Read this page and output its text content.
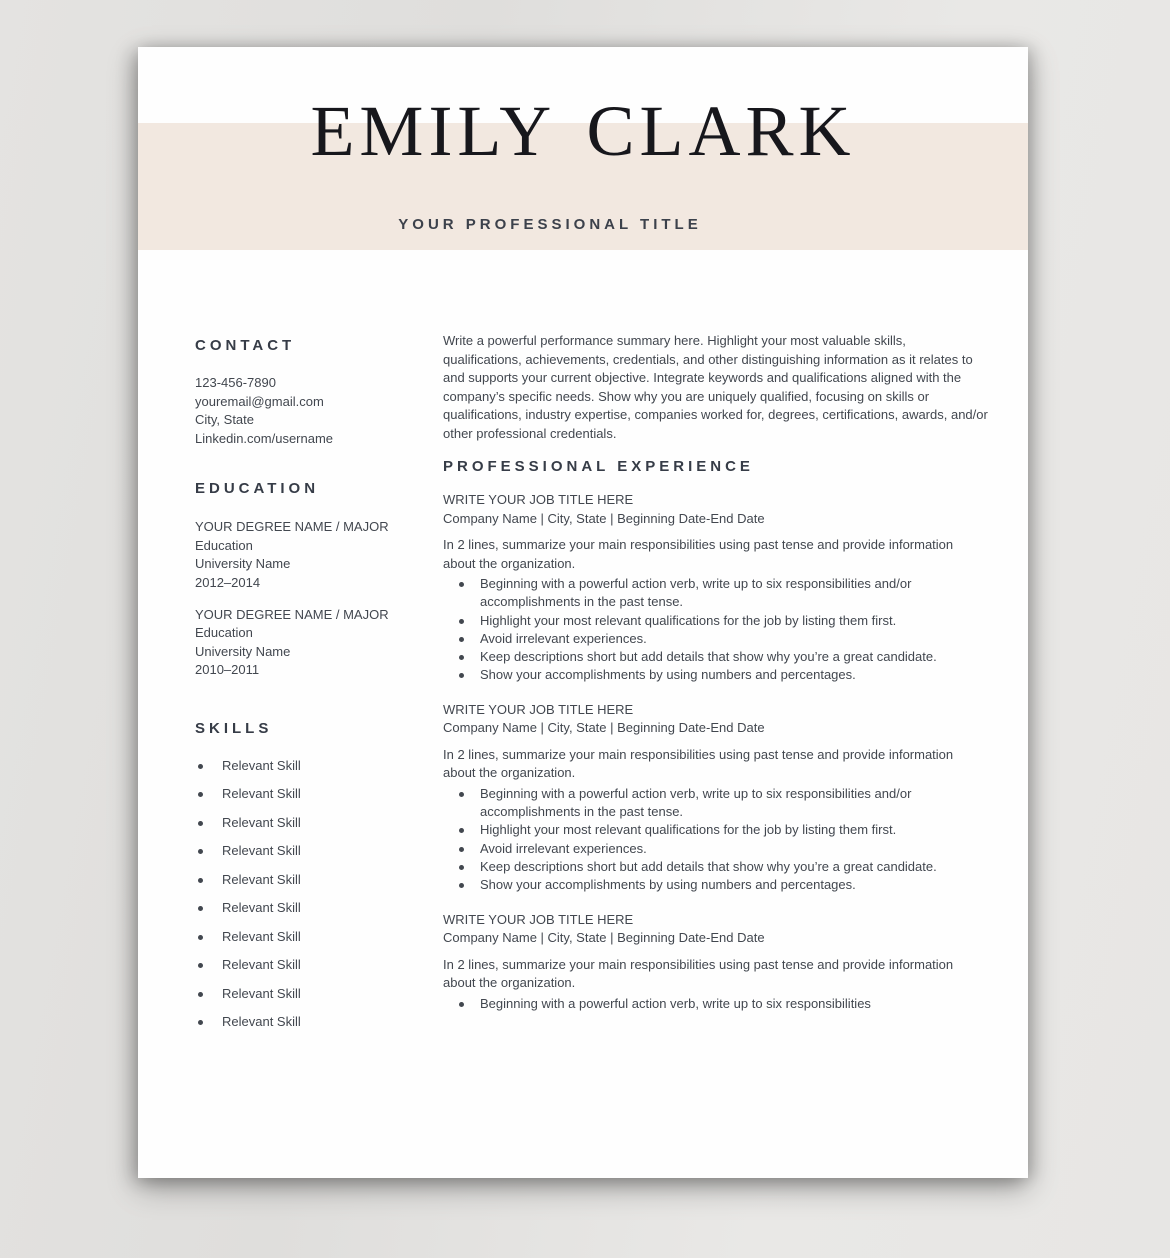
EMILY CLARK
YOUR PROFESSIONAL TITLE
CONTACT
123-456-7890
youremail@gmail.com
City, State
Linkedin.com/username
EDUCATION
YOUR DEGREE NAME / MAJOR
Education
University Name
2012–2014
YOUR DEGREE NAME / MAJOR
Education
University Name
2010–2011
SKILLS
Relevant Skill
Relevant Skill
Relevant Skill
Relevant Skill
Relevant Skill
Relevant Skill
Relevant Skill
Relevant Skill
Relevant Skill
Relevant Skill

Write a powerful performance summary here. Highlight your most valuable skills, qualifications, achievements, credentials, and other distinguishing information as it relates to and supports your current objective. Integrate keywords and qualifications aligned with the company’s specific needs. Show why you are uniquely qualified, focusing on skills or qualifications, industry expertise, companies worked for, degrees, certifications, awards, and/or other professional credentials.

PROFESSIONAL EXPERIENCE
WRITE YOUR JOB TITLE HERE
Company Name | City, State | Beginning Date-End Date

In 2 lines, summarize your main responsibilities using past tense and provide information about the organization.

Beginning with a powerful action verb, write up to six responsibilities and/or accomplishments in the past tense.
Highlight your most relevant qualifications for the job by listing them first.
Avoid irrelevant experiences.
Keep descriptions short but add details that show why you’re a great candidate.
Show your accomplishments by using numbers and percentages.
WRITE YOUR JOB TITLE HERE
Company Name | City, State | Beginning Date-End Date

In 2 lines, summarize your main responsibilities using past tense and provide information about the organization.

Beginning with a powerful action verb, write up to six responsibilities and/or accomplishments in the past tense.
Highlight your most relevant qualifications for the job by listing them first.
Avoid irrelevant experiences.
Keep descriptions short but add details that show why you’re a great candidate.
Show your accomplishments by using numbers and percentages.
WRITE YOUR JOB TITLE HERE
Company Name | City, State | Beginning Date-End Date

In 2 lines, summarize your main responsibilities using past tense and provide information about the organization.

Beginning with a powerful action verb, write up to six responsibilities
